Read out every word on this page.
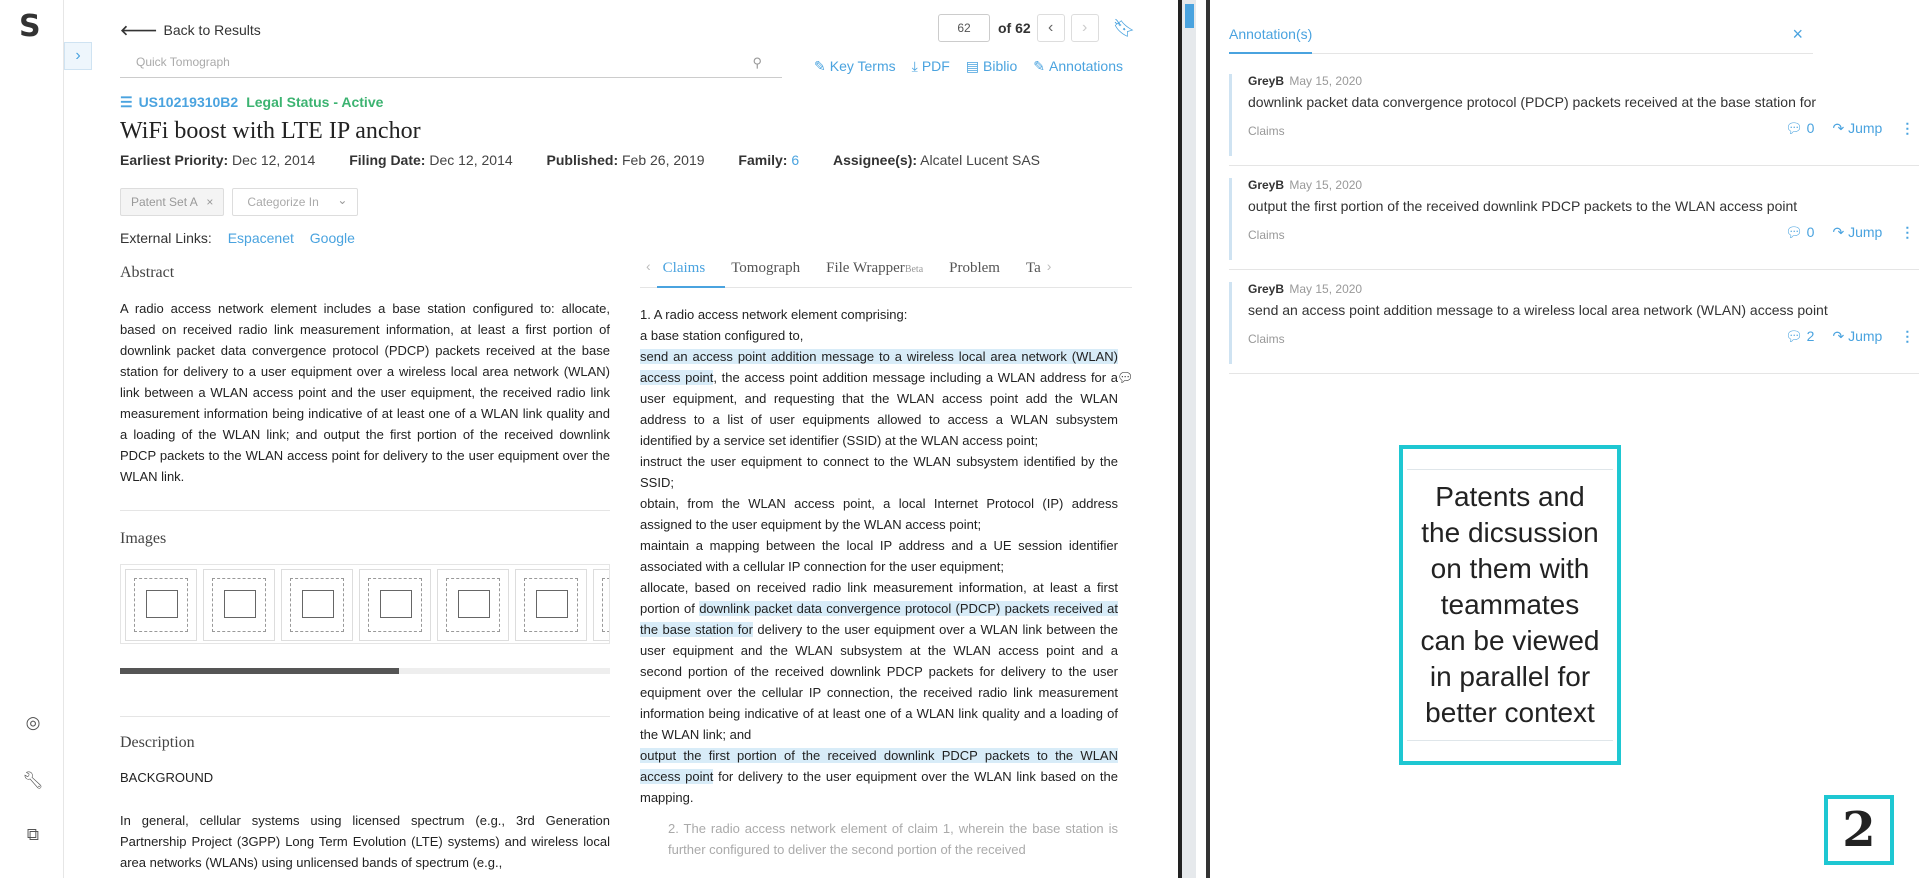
S
›
◎
🔧︎
⧉
🡐 Back to Results
Quick Tomograph	⚲
62	of 62 ‹ › 🔖︎
✎ Key Terms ⤓ PDF ▤ Biblio ✎ Annotations
☰ US10219310B2 Legal Status - Active
WiFi boost with LTE IP anchor
Earliest Priority: Dec 12, 2014 Filing Date: Dec 12, 2014 Published: Feb 26, 2019 Family: 6 Assignee(s): Alcatel Lucent SAS
Patent Set A ×	Categorize In ⌄
External Links: Espacenet Google
Abstract
A radio access network element includes a base station configured to: allocate, based on received radio link measurement information, at least a first portion of downlink packet data convergence protocol (PDCP) packets received at the base station for delivery to a user equipment over a wireless local area network (WLAN) link between a WLAN access point and the user equipment, the received radio link measurement information being indicative of at least one of a WLAN link quality and a loading of the WLAN link; and output the first portion of the received downlink PDCP packets to the WLAN access point for delivery to the user equipment over the WLAN link.
Images
Description
BACKGROUND
In general, cellular systems using licensed spectrum (e.g., 3rd Generation Partnership Project (3GPP) Long Term Evolution (LTE) systems) and wireless local area networks (WLANs) using unlicensed bands of spectrum (e.g.,
‹ Claims	Tomograph	File WrapperBeta	Problem	Ta ›

1. A radio access network element comprising:

a base station configured to,

send an access point addition message to a wireless local area network (WLAN) access point, the access point addition message including a WLAN address for a user equipment, and requesting that the WLAN access point add the WLAN address to a list of user equipments allowed to access a WLAN subsystem identified by a service set identifier (SSID) at the WLAN access point;

instruct the user equipment to connect to the WLAN subsystem identified by the SSID;

obtain, from the WLAN access point, a local Internet Protocol (IP) address assigned to the user equipment by the WLAN access point;

maintain a mapping between the local IP address and a UE session identifier associated with a cellular IP connection for the user equipment;

allocate, based on received radio link measurement information, at least a first portion of downlink packet data convergence protocol (PDCP) packets received at the base station for delivery to the user equipment over a WLAN link between the user equipment and the WLAN subsystem at the WLAN access point and a second portion of the received downlink PDCP packets for delivery to the user equipment over the cellular IP connection, the received radio link measurement information being indicative of at least one of a WLAN link quality and a loading of the WLAN link; and

output the first portion of the received downlink PDCP packets to the WLAN access point for delivery to the user equipment over the WLAN link based on the mapping.

2. The radio access network element of claim 1, wherein the base station is further configured to deliver the second portion of the received

💬︎
Annotation(s)	×
GreyB May 15, 2020
downlink packet data convergence protocol (PDCP) packets received at the base station for
Claims	💬︎ 0 ↷ Jump ⋮
GreyB May 15, 2020
output the first portion of the received downlink PDCP packets to the WLAN access point
Claims	💬︎ 0 ↷ Jump ⋮
GreyB May 15, 2020
send an access point addition message to a wireless local area network (WLAN) access point
Claims	💬︎ 2 ↷ Jump ⋮
Patents and the dicsussion on them with teammates can be viewed in parallel for better context
2
